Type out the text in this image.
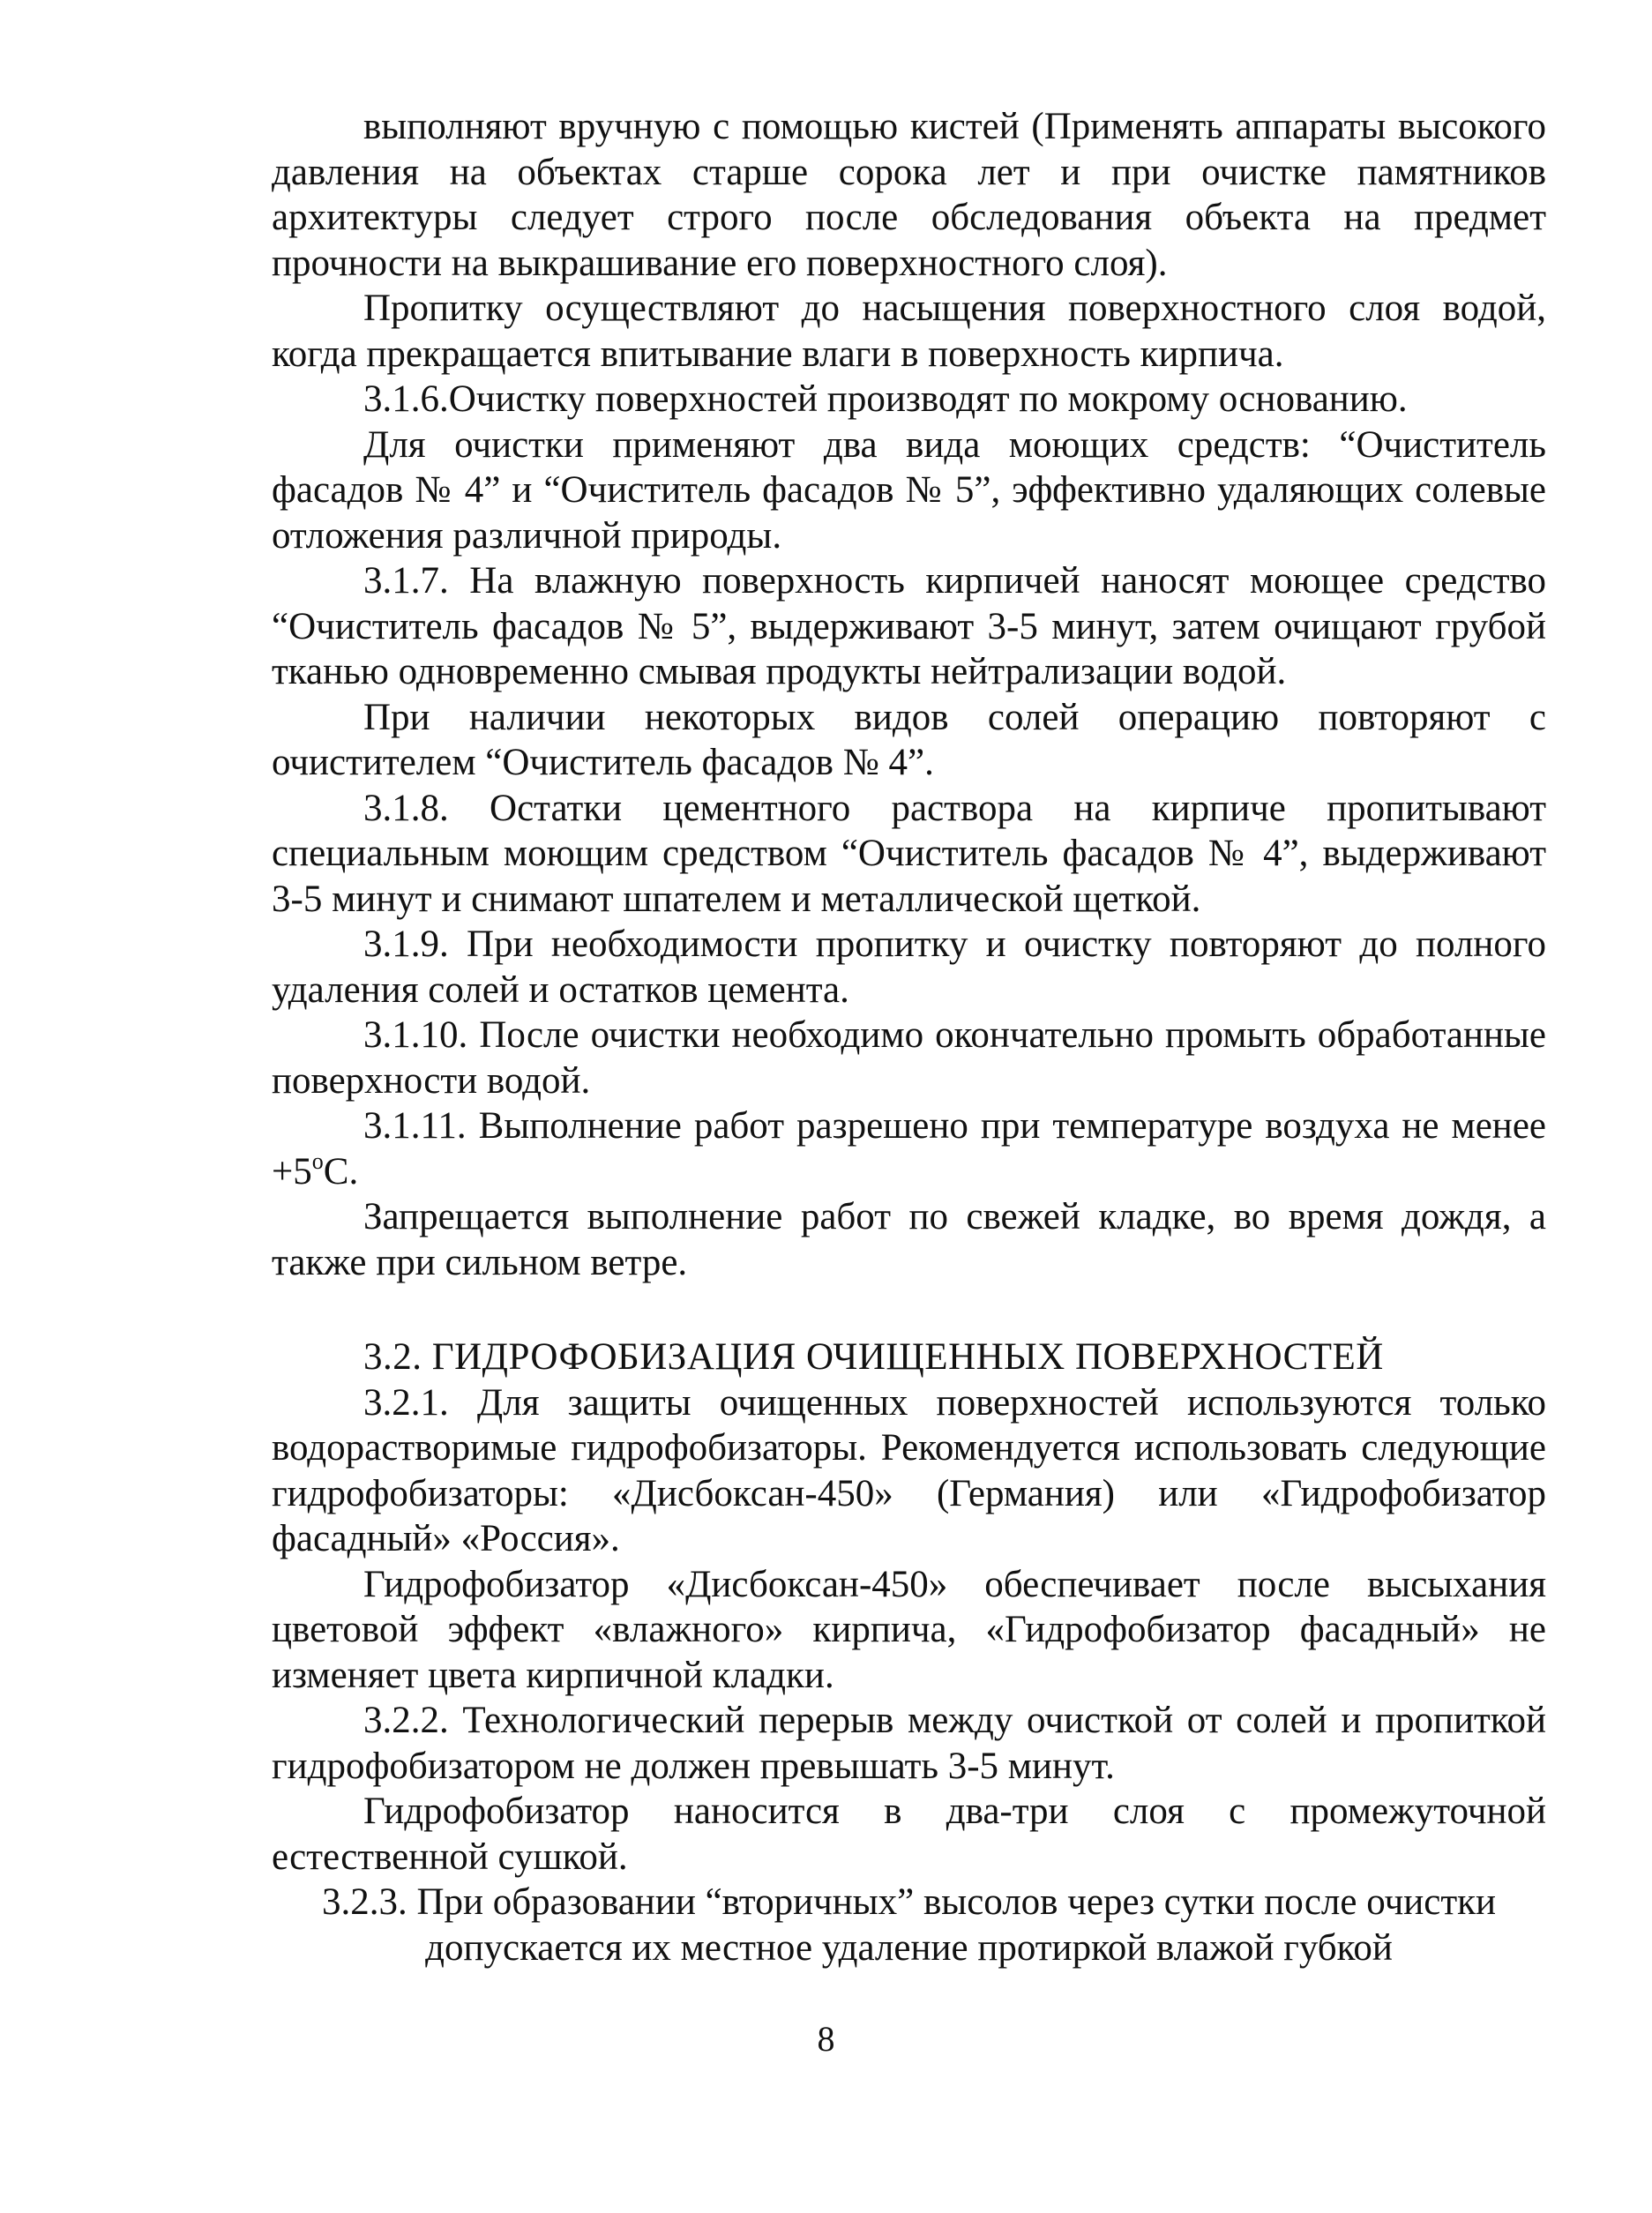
выполняют вручную с помощью кистей (Применять аппараты высокого давления на объектах старше сорока лет и при очистке памятников архитектуры следует строго после обследования объекта на предмет прочности на выкрашивание его поверхностного слоя).

Пропитку осуществляют до насыщения поверхностного слоя водой, когда прекращается впитывание влаги в поверхность кирпича.

3.1.6.Очистку поверхностей производят по мокрому основанию.

Для очистки применяют два вида моющих средств: “Очиститель фасадов № 4” и “Очиститель фасадов № 5”, эффективно удаляющих солевые отложения различной природы.

3.1.7. На влажную поверхность кирпичей наносят моющее средство “Очиститель фасадов № 5”, выдерживают 3-5 минут, затем очищают грубой тканью одновременно смывая продукты нейтрализации водой.

При наличии некоторых видов солей операцию повторяют с очистителем “Очиститель фасадов № 4”.

3.1.8. Остатки цементного раствора на кирпиче пропитывают специальным моющим средством “Очиститель фасадов № 4”, выдерживают 3-5 минут и снимают шпателем и металлической щеткой.

3.1.9. При необходимости пропитку и очистку повторяют до полного удаления солей и остатков цемента.

3.1.10. После очистки необходимо окончательно промыть обработанные поверхности водой.

3.1.11. Выполнение работ разрешено при температуре воздуха не менее $+5^oC$.

Запрещается выполнение работ по свежей кладке, во время дождя, а также при сильном ветре.

3.2. ГИДРОФОБИЗАЦИЯ ОЧИЩЕННЫХ ПОВЕРХНОСТЕЙ

3.2.1. Для защиты очищенных поверхностей используются только водорастворимые гидрофобизаторы. Рекомендуется использовать следующие гидрофобизаторы: «Дисбоксан-450» (Германия) или «Гидрофобизатор фасадный» «Россия».

Гидрофобизатор «Дисбоксан-450» обеспечивает после высыхания цветовой эффект «влажного» кирпича, «Гидрофобизатор фасадный» не изменяет цвета кирпичной кладки.

3.2.2. Технологический перерыв между очисткой от солей и пропиткой гидрофобизатором не должен превышать 3-5 минут.

Гидрофобизатор наносится в два-три слоя с промежуточной естественной сушкой.

3.2.3. При образовании “вторичных” высолов через сутки после очистки допускается их местное удаление протиркой влажой губкой

8
